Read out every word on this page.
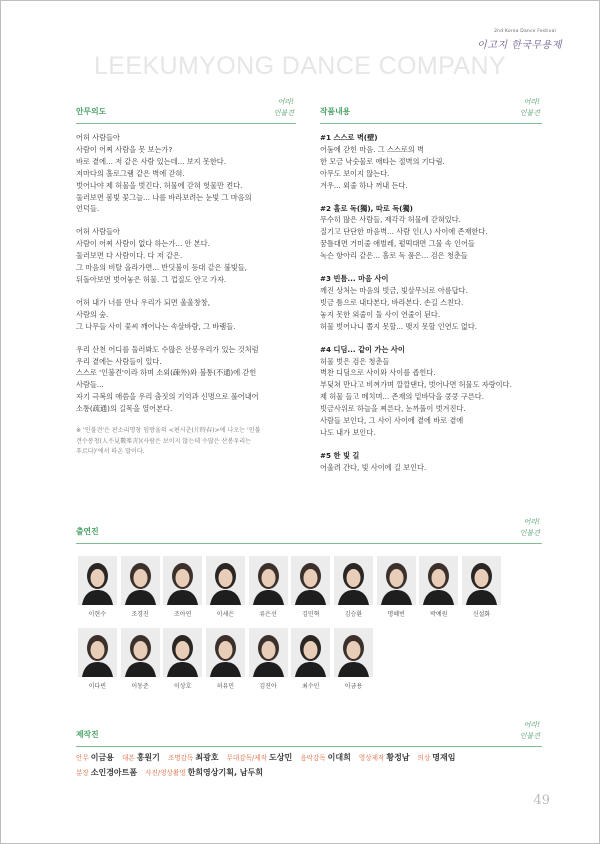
2nd Korea Dance Festival
이고지 한국무용제
LEEKUMYONG DANCE COMPANY
안무의도
어라!
인불견
어허 사람들아
사람이 어찌 사람을 못 보는가?
바로 곁에... 저 같은 사람 있는데... 보지 못한다.
저마다의 홀로그램 같은 벽에 갇혀.
벗어나야 제 허물을 벗긴다. 허물에 갇혀 헛물만 켠다.
둘러보면 봄빛 꽃그늘... 나를 바라보려는 눈빛 그 마음의
언덕들.
어허 사람들아
사람이 어찌 사람이 없다 하는가... 안 본다.
둘러보면 다 사람이다. 다 저 같은.
그 마음의 비탈 올라가면... 반딧불이 등대 같은 불빛들,
뒤돌아보면 벗어놓은 허물. 그 껍질도 안고 가자.
어허 내가 너를 만나 우리가 되면 울울창창,
사람의 숲.
그 나무들 사이 꽃씨 깨어나는 속살바람, 그 바램들.
우리 산천 어디를 둘러봐도 수많은 산봉우리가 있는 것처럼
우리 곁에는 사람들이 있다.
스스로 '인불견'이라 하며 소외(疎外)와 불통(不通)에 갇힌
사람들...
자기 극복의 애씀을 우리 춤짓의 기억과 신명으로 풀어내어
소통(疏通)의 길목을 열어본다.
※ '인불견'은 판소리명창 임방울의 <편시춘(片時春)>에 나오는 '인불
견수봉청(人不見數峯靑)(사람은 보이지 않는데 수많은 산봉우리는
푸르다)'에서 따온 말이다.
작품내용
어라!
인불견
#1 스스로 벽(壁)
어둠에 갇힌 마음. 그 스스로의 벽
한 모금 낙숫물로 애타는 절벽의 기다림.
아무도 보이지 않는다.
겨우... 외줄 하나 꺼내 든다.
#2 홀로 독(獨), 따로 독(獨)
무수히 많은 사람들, 제각각 허물에 갇혀있다.
질기고 단단한 마음벽... 사람 인(人) 사이에 존재한다.
꿈틀대면 거미줄 애벌레, 펄떡대면 그물 속 인어들
녹슨 항아리 같은... 홀로 독 품은... 검은 청춘들
#3 빈틈... 마음 사이
깨진 상처는 마음의 빗금, 빛살무늬로 아름답다.
빗금 틈으로 내다본다, 바라본다. 손길 스친다.
놓지 못한 외줄이 둘 사이 연줄이 된다.
허물 벗어나니 쫄지 못할... 맺지 못할 인연도 없다.
#4 디딤... 같이 가는 사이
허물 벗은 검은 청춘들
벽찬 디딤으로 사이와 사이를 좁힌다.
부딪쳐 만나고 비껴가며 깔깔댄다, 벗어나면 허물도 자랑이다.
제 허물 들고 메치며... 존재의 밑바닥을 쿵쿵 구른다.
빗금사위로 하늘을 찌른다, 눈까풀이 벗겨진다.
사람들 보인다, 그 사이 사이에 곁에 바로 곁에
나도 내가 보인다.
#5 한 빛 길
어울려 간다, 빛 사이에 길 보인다.
출연진
어라!
인불견
이현수	조경진	조아연	이세은	류은선	김민혁	김승환	명혜빈	박예원	신설화
이다빈	이동준	이상호	허유민	김진아	최수인	이금용
제작진
어라!
인불견
안무 이금용 대본 홍원기 조명감독 최광호 무대감독/제작 도상민 음악감독 이대희 영상제작 황정남 의상 명재임
분장 소인경아트폼 사진/영상촬영 한희영상기획, 남두희
49
